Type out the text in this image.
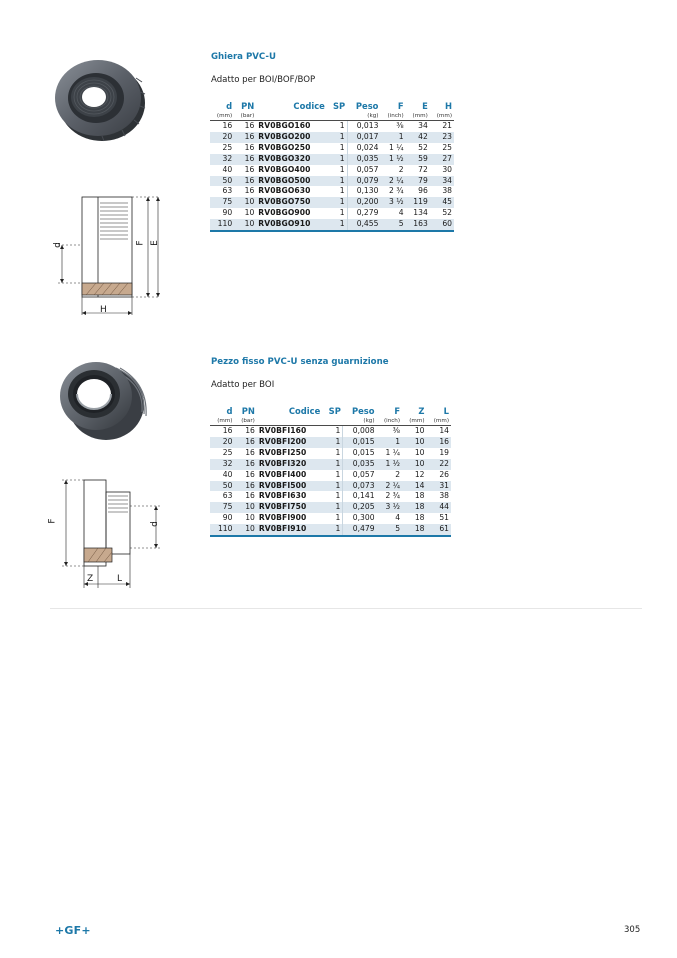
d	F E
H
Ghiera PVC-U
Adatto per BOI/BOF/BOP
d	PN	Codice	SP	Peso	F	E	H
(mm)	(bar)			(kg)	(inch)	(mm)	(mm)
16	16	RV0BGO160	1	0,013	⅜	34	21
20	16	RV0BGO200	1	0,017	1	42	23
25	16	RV0BGO250	1	0,024	1 ¼	52	25
32	16	RV0BGO320	1	0,035	1 ½	59	27
40	16	RV0BGO400	1	0,057	2	72	30
50	16	RV0BGO500	1	0,079	2 ¼	79	34
63	16	RV0BGO630	1	0,130	2 ¾	96	38
75	10	RV0BGO750	1	0,200	3 ½	119	45
90	10	RV0BGO900	1	0,279	4	134	52
110	10	RV0BGO910	1	0,455	5	163	60
F
d
Z	L
Pezzo fisso PVC-U senza guarnizione
Adatto per BOI
d	PN	Codice	SP	Peso	F	Z	L
(mm)	(bar)			(kg)	(inch)	(mm)	(mm)
16	16	RV0BFI160	1	0,008	⅜	10	14
20	16	RV0BFI200	1	0,015	1	10	16
25	16	RV0BFI250	1	0,015	1 ¼	10	19
32	16	RV0BFI320	1	0,035	1 ½	10	22
40	16	RV0BFI400	1	0,057	2	12	26
50	16	RV0BFI500	1	0,073	2 ¼	14	31
63	16	RV0BFI630	1	0,141	2 ¾	18	38
75	10	RV0BFI750	1	0,205	3 ½	18	44
90	10	RV0BFI900	1	0,300	4	18	51
110	10	RV0BFI910	1	0,479	5	18	61
+GF+	305
